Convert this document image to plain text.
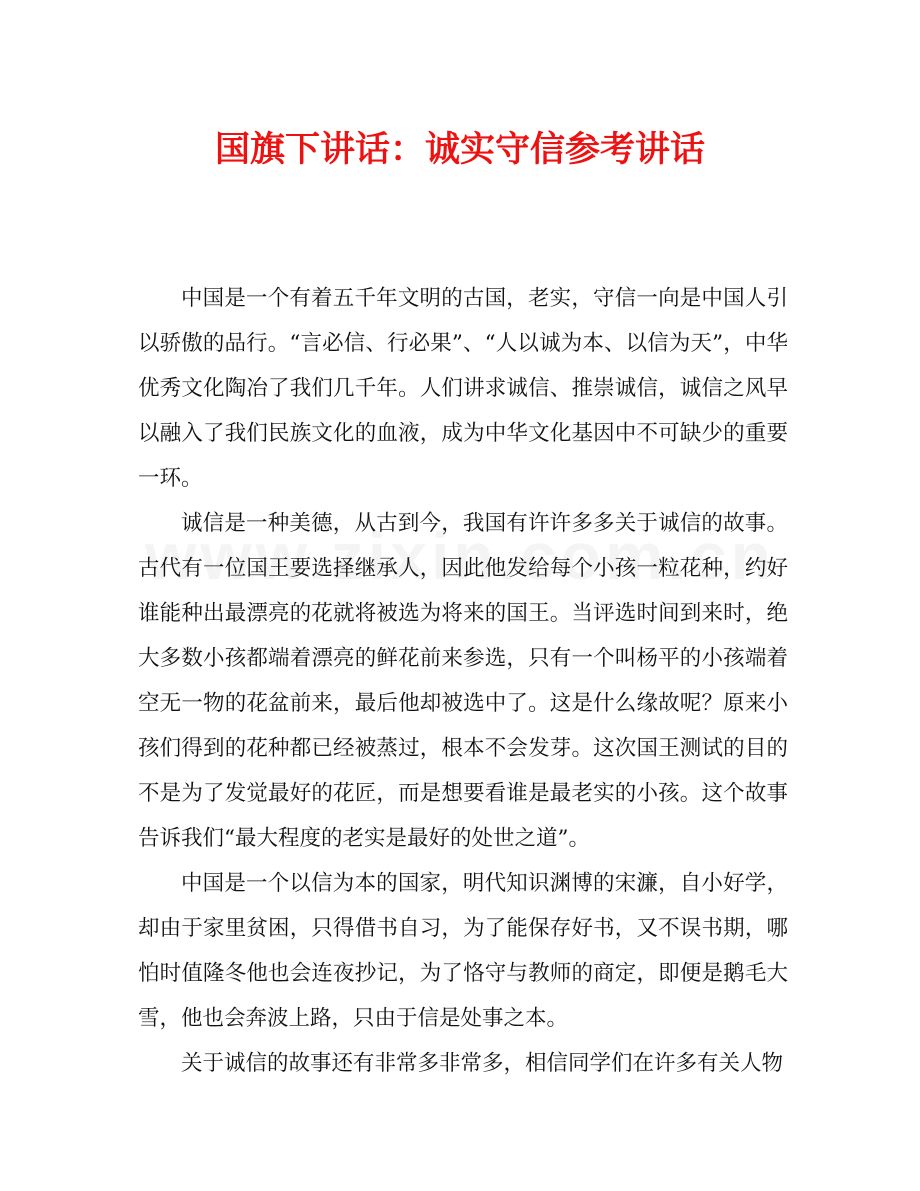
国旗下讲话：诚实守信参考讲话

中国是一个有着五千年文明的古国，老实，守信一向是中国人引以骄傲的品行。“言必信、行必果”、“人以诚为本、以信为天”，中华优秀文化陶冶了我们几千年。人们讲求诚信、推崇诚信，诚信之风早以融入了我们民族文化的血液，成为中华文化基因中不可缺少的重要一环。

诚信是一种美德，从古到今，我国有许许多多关于诚信的故事。古代有一位国王要选择继承人，因此他发给每个小孩一粒花种，约好谁能种出最漂亮的花就将被选为将来的国王。当评选时间到来时，绝大多数小孩都端着漂亮的鲜花前来参选，只有一个叫杨平的小孩端着空无一物的花盆前来，最后他却被选中了。这是什么缘故呢？原来小孩们得到的花种都已经被蒸过，根本不会发芽。这次国王测试的目的不是为了发觉最好的花匠，而是想要看谁是最老实的小孩。这个故事告诉我们“最大程度的老实是最好的处世之道”。

中国是一个以信为本的国家，明代知识渊博的宋濂，自小好学，却由于家里贫困，只得借书自习，为了能保存好书，又不误书期，哪怕时值隆冬他也会连夜抄记，为了恪守与教师的商定，即便是鹅毛大雪，他也会奔波上路，只由于信是处事之本。

关于诚信的故事还有非常多非常多，相信同学们在许多有关人物
